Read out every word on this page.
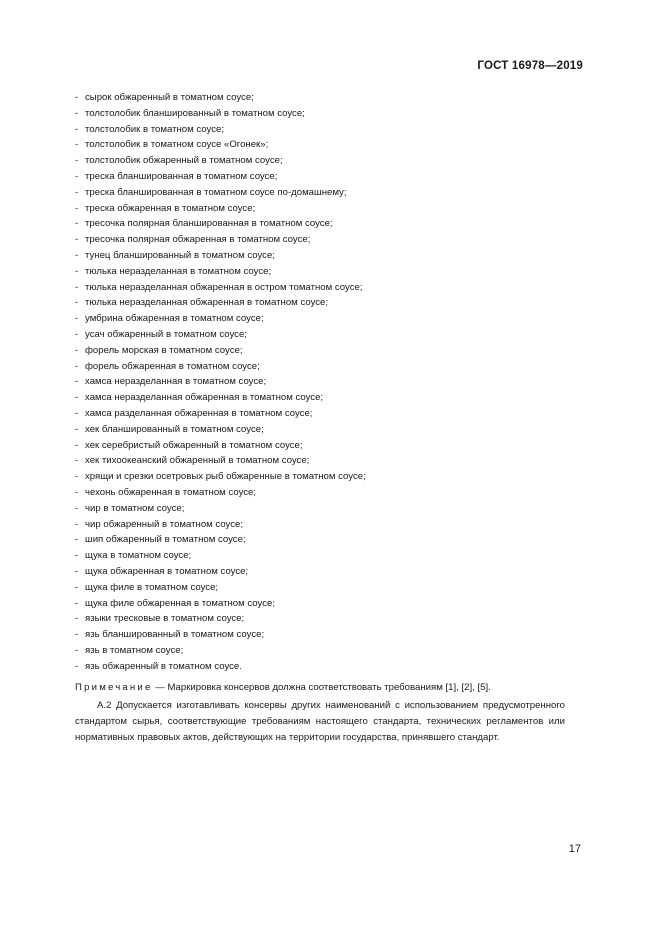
ГОСТ 16978—2019
- сырок обжаренный в томатном соусе;
- толстолобик бланшированный в томатном соусе;
- толстолобик в томатном соусе;
- толстолобик в томатном соусе «Огонек»;
- толстолобик обжаренный в томатном соусе;
- треска бланшированная в томатном соусе;
- треска бланшированная в томатном соусе по-домашнему;
- треска обжаренная в томатном соусе;
- тресочка полярная бланшированная в томатном соусе;
- тресочка полярная обжаренная в томатном соусе;
- тунец бланшированный в томатном соусе;
- тюлька неразделанная в томатном соусе;
- тюлька неразделанная обжаренная в остром томатном соусе;
- тюлька неразделанная обжаренная в томатном соусе;
- умбрина обжаренная в томатном соусе;
- усач обжаренный в томатном соусе;
- форель морская в томатном соусе;
- форель обжаренная в томатном соусе;
- хамса неразделанная в томатном соусе;
- хамса неразделанная обжаренная в томатном соусе;
- хамса разделанная обжаренная в томатном соусе;
- хек бланшированный в томатном соусе;
- хек серебристый обжаренный в томатном соусе;
- хек тихоокеанский обжаренный в томатном соусе;
- хрящи и срезки осетровых рыб обжаренные в томатном соусе;
- чехонь обжаренная в томатном соусе;
- чир в томатном соусе;
- чир обжаренный в томатном соусе;
- шип обжаренный в томатном соусе;
- щука в томатном соусе;
- щука обжаренная в томатном соусе;
- щука филе в томатном соусе;
- щука филе обжаренная в томатном соусе;
- языки тресковые в томатном соусе;
- язь бланшированный в томатном соусе;
- язь в томатном соусе;
- язь обжаренный в томатном соусе.
Примечание — Маркировка консервов должна соответствовать требованиям [1], [2], [5].
А.2 Допускается изготавливать консервы других наименований с использованием предусмотренного стандартом сырья, соответствующие требованиям настоящего стандарта, технических регламентов или нормативных правовых актов, действующих на территории государства, принявшего стандарт.
17
